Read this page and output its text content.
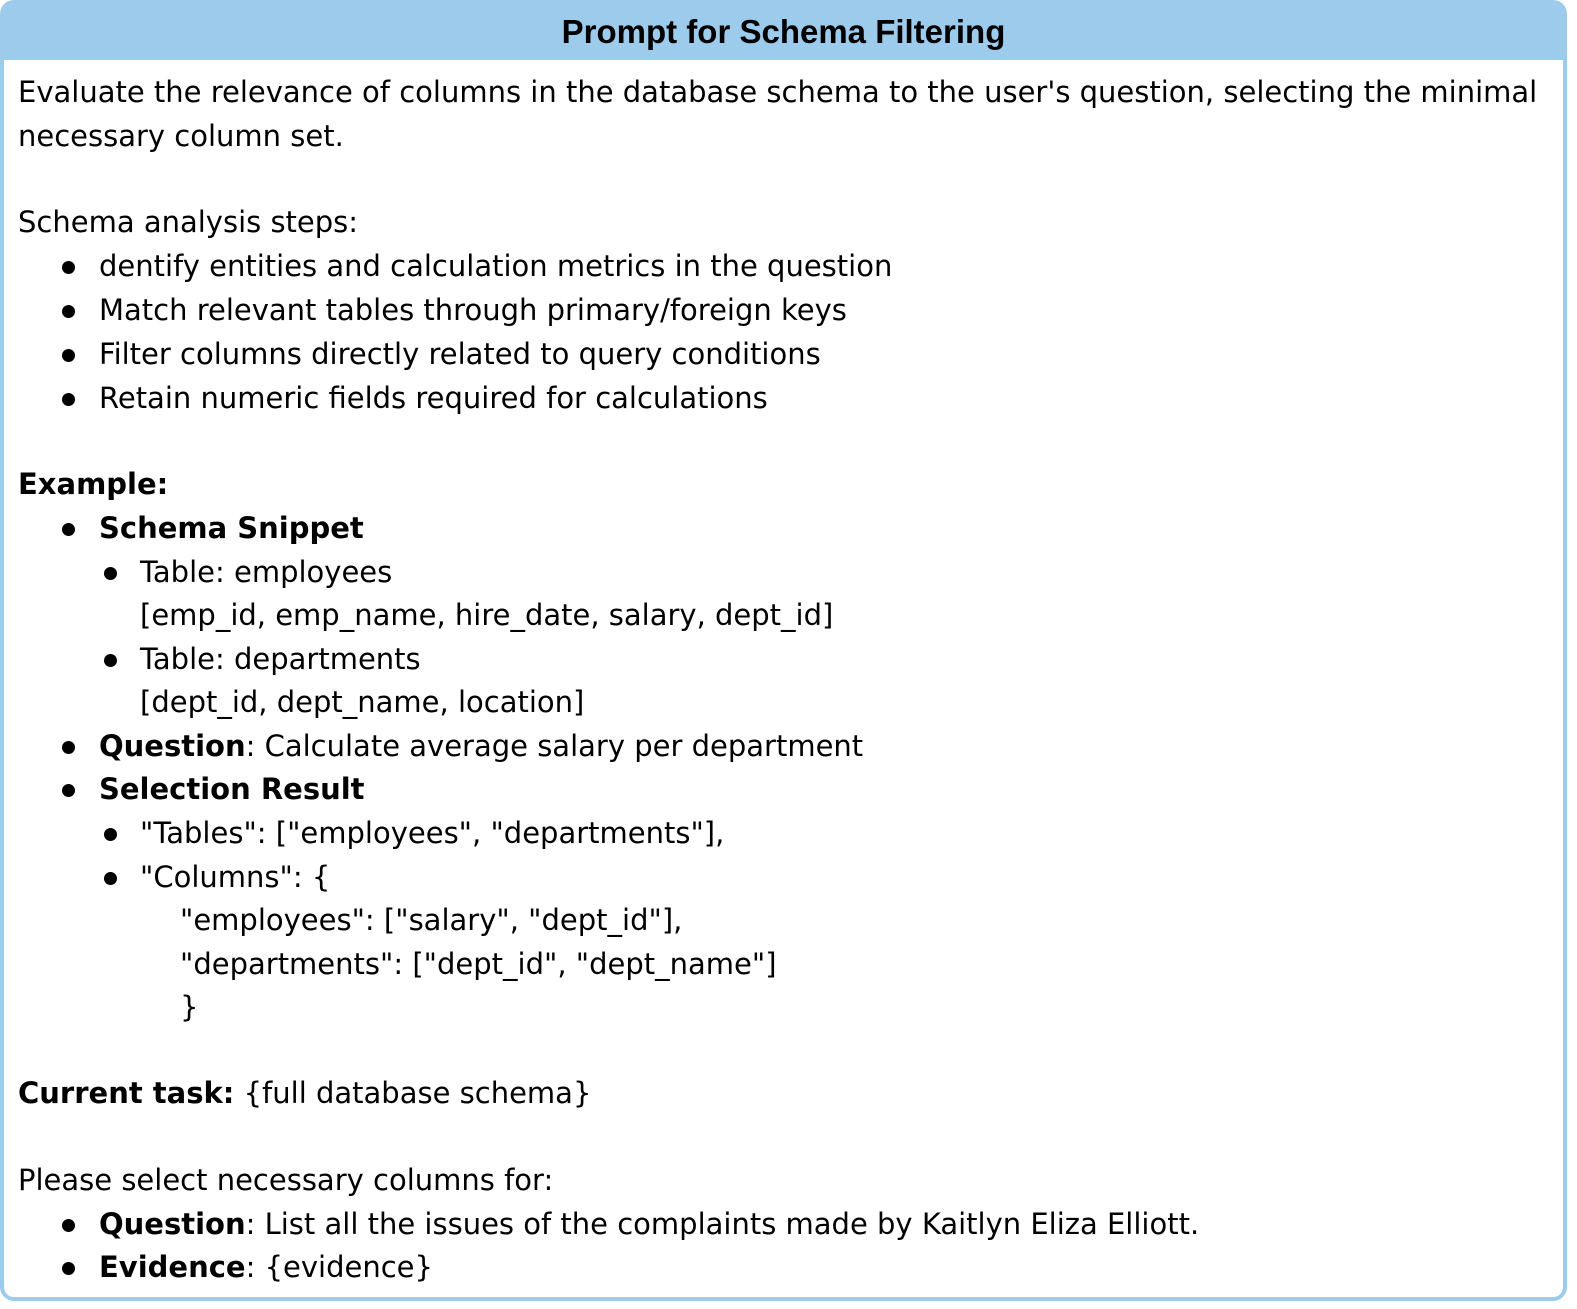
Prompt for Schema Filtering
Evaluate the relevance of columns in the database schema to the user's question, selecting the minimal
necessary column set.
Schema analysis steps:
dentify entities and calculation metrics in the question
Match relevant tables through primary/foreign keys
Filter columns directly related to query conditions
Retain numeric fields required for calculations
Example:
Schema Snippet
Table: employees
[emp_id, emp_name, hire_date, salary, dept_id]
Table: departments
[dept_id, dept_name, location]
Question: Calculate average salary per department
Selection Result
"Tables": ["employees", "departments"],
"Columns": {
"employees": ["salary", "dept_id"],
"departments": ["dept_id", "dept_name"]
}
Current task: {full database schema}
Please select necessary columns for:
Question: List all the issues of the complaints made by Kaitlyn Eliza Elliott.
Evidence: {evidence}
